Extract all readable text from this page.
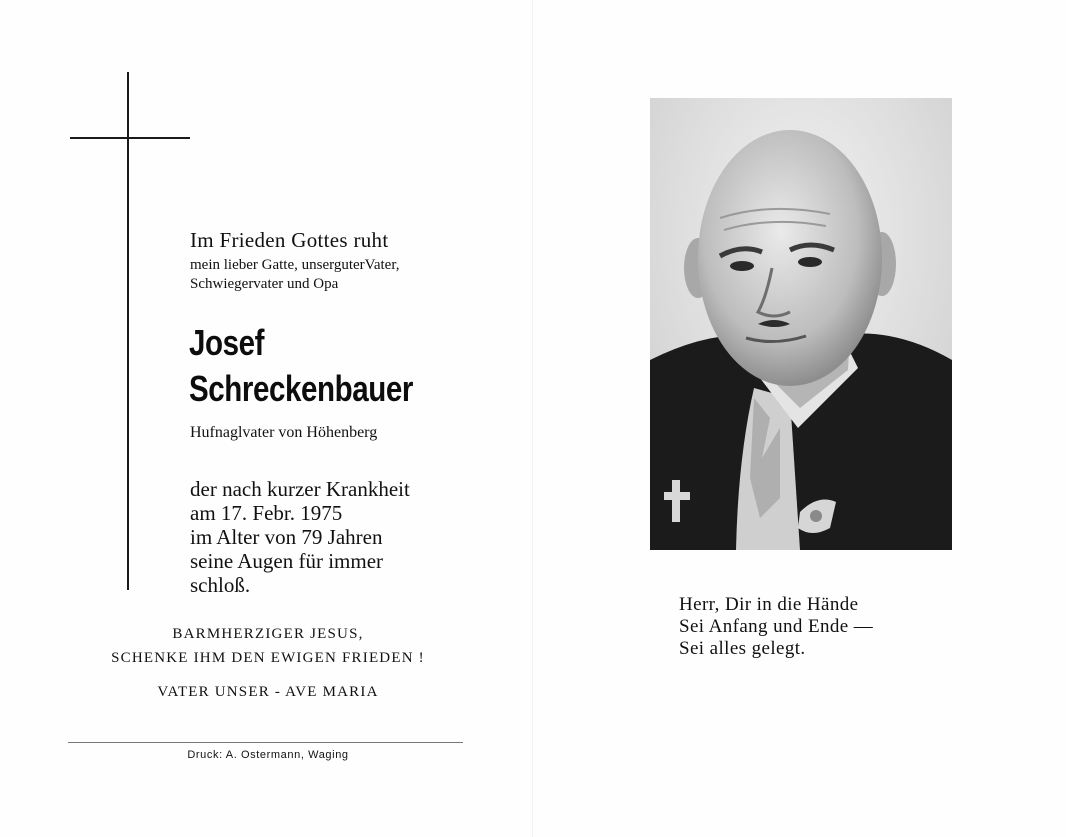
Im Frieden Gottes ruht
mein lieber Gatte, unserguterVater,
Schwiegervater und Opa
Josef
Schreckenbauer
Hufnaglvater von Höhenberg
der nach kurzer Krankheit
am 17. Febr. 1975
im Alter von 79 Jahren
seine Augen für immer
schloß.
BARMHERZIGER JESUS,
SCHENKE IHM DEN EWIGEN FRIEDEN !
VATER UNSER - AVE MARIA
Druck: A. Ostermann, Waging
Herr, Dir in die Hände
Sei Anfang und Ende —
Sei alles gelegt.
